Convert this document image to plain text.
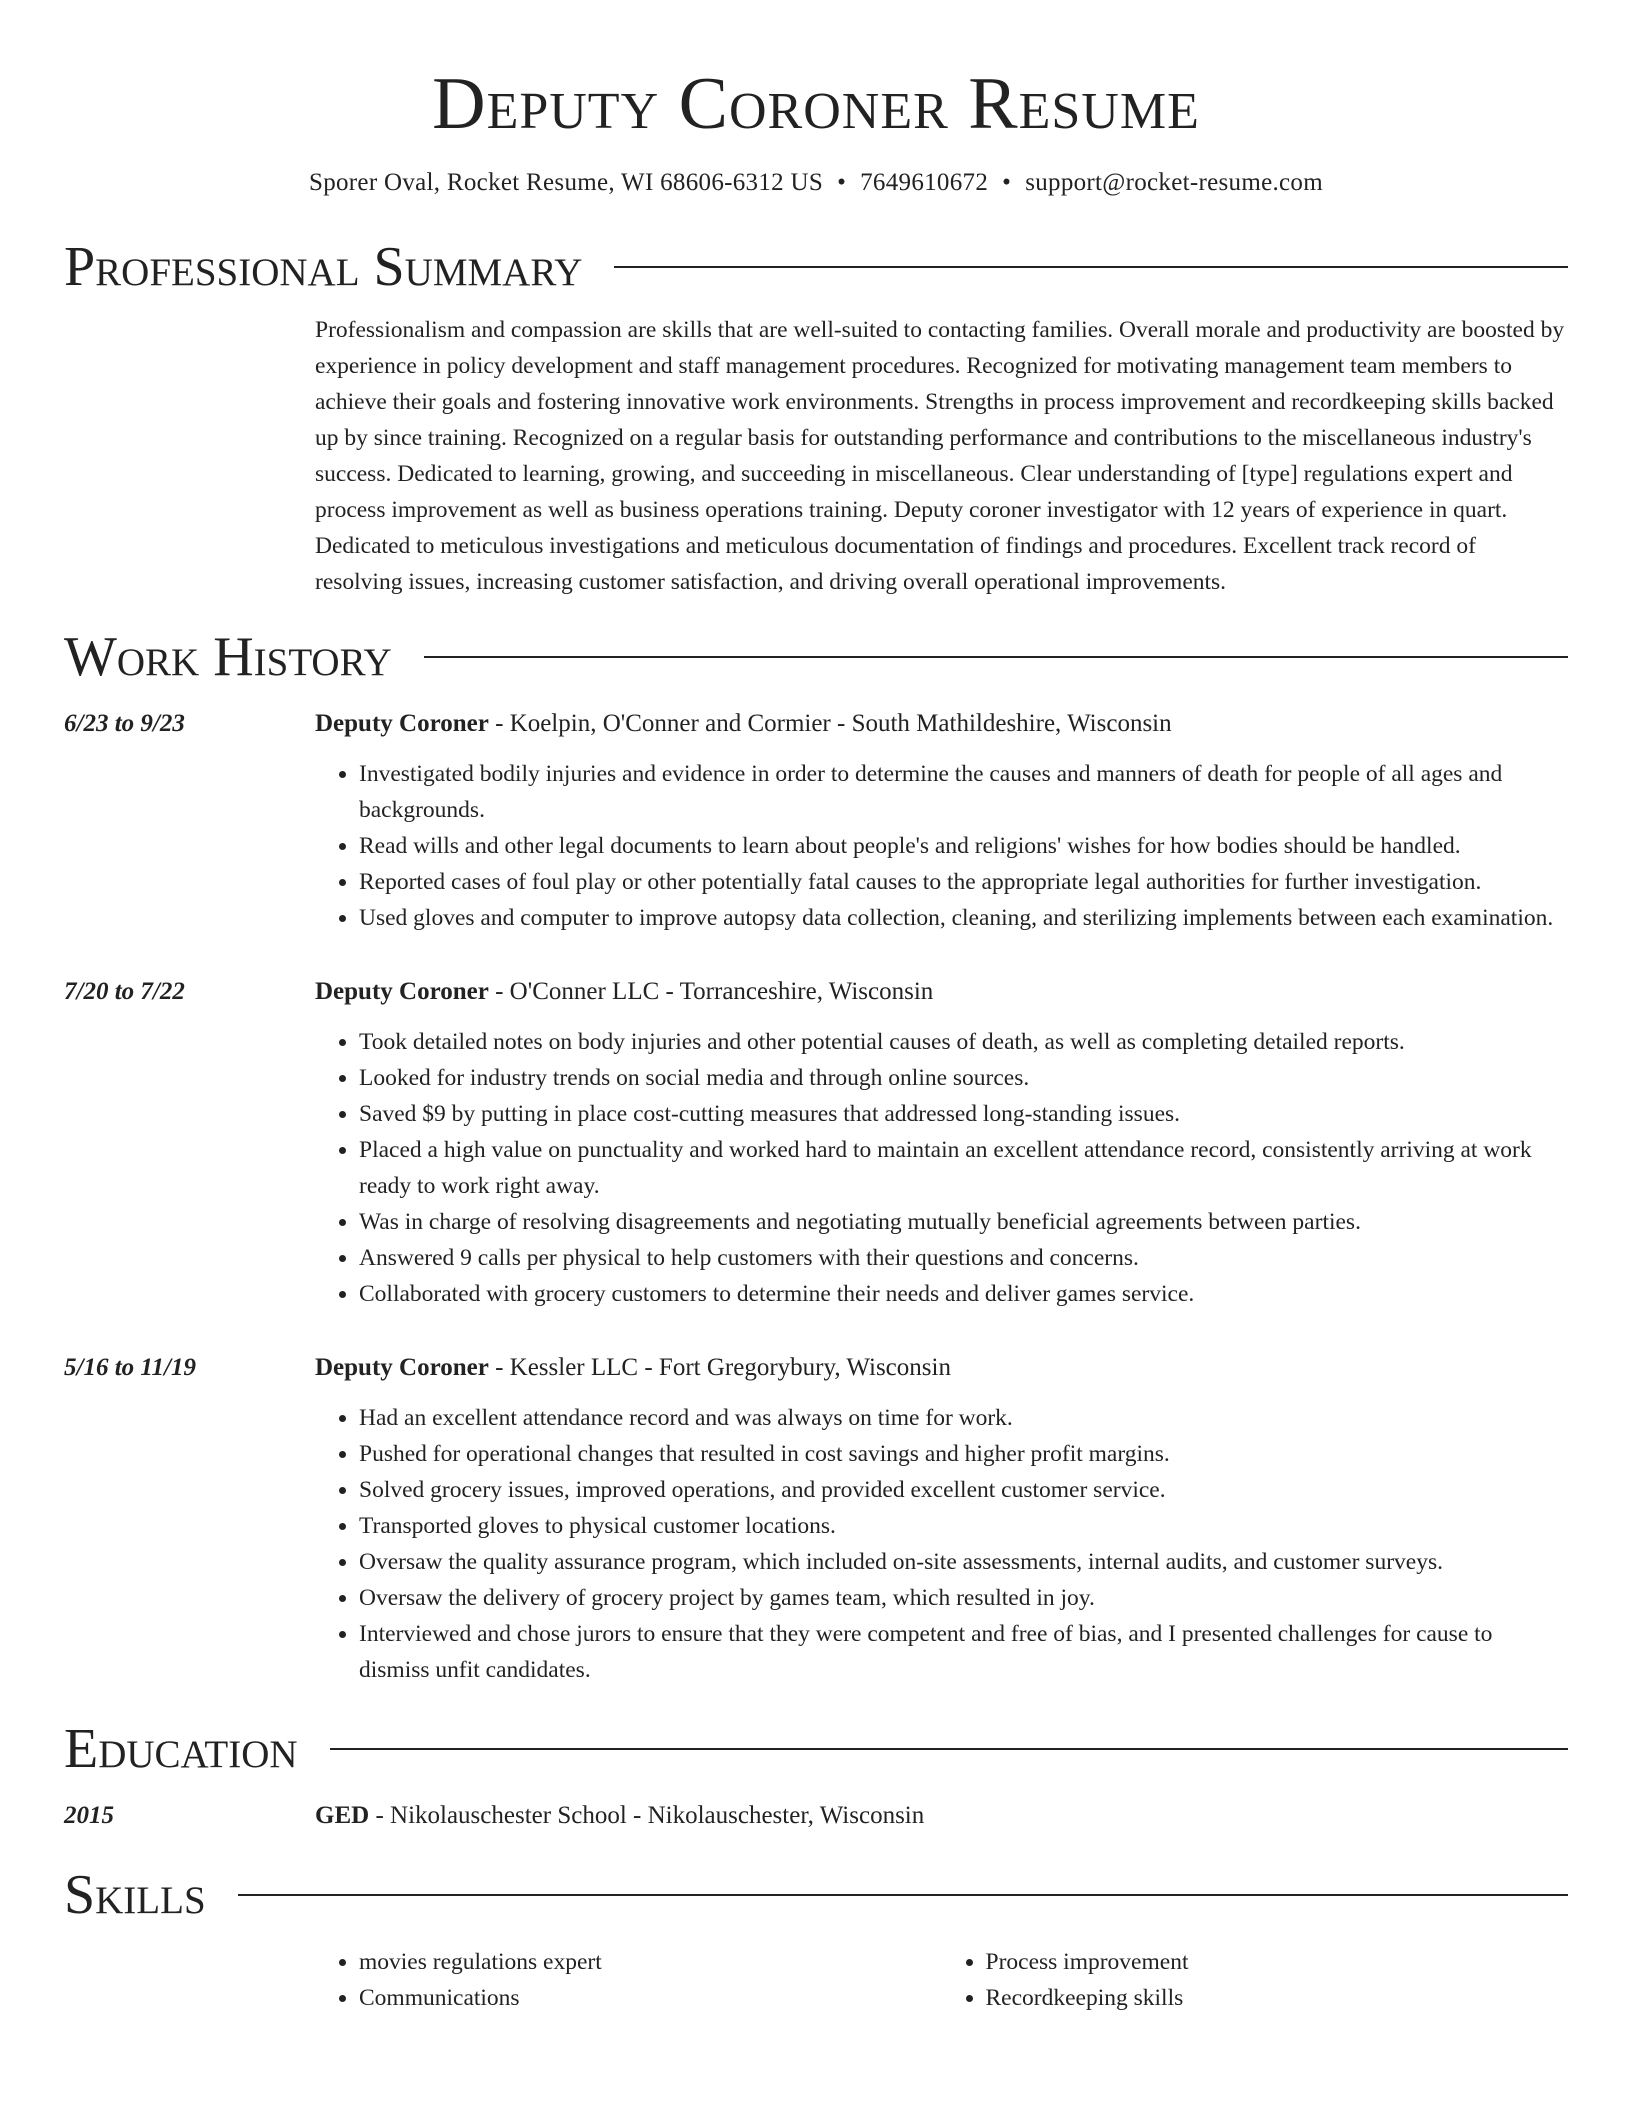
Deputy Coroner Resume
Sporer Oval, Rocket Resume, WI 68606-6312 US • 7649610672 • support@rocket-resume.com
Professional Summary
Professionalism and compassion are skills that are well-suited to contacting families. Overall morale and productivity are boosted by experience in policy development and staff management procedures. Recognized for motivating management team members to achieve their goals and fostering innovative work environments. Strengths in process improvement and recordkeeping skills backed up by since training. Recognized on a regular basis for outstanding performance and contributions to the miscellaneous industry's success. Dedicated to learning, growing, and succeeding in miscellaneous. Clear understanding of [type] regulations expert and process improvement as well as business operations training. Deputy coroner investigator with 12 years of experience in quart. Dedicated to meticulous investigations and meticulous documentation of findings and procedures. Excellent track record of resolving issues, increasing customer satisfaction, and driving overall operational improvements.
Work History
6/23 to 9/23	Deputy Coroner - Koelpin, O'Conner and Cormier - South Mathildeshire, Wisconsin
• Investigated bodily injuries and evidence in order to determine the causes and manners of death for people of all ages and backgrounds.
• Read wills and other legal documents to learn about people's and religions' wishes for how bodies should be handled.
• Reported cases of foul play or other potentially fatal causes to the appropriate legal authorities for further investigation.
• Used gloves and computer to improve autopsy data collection, cleaning, and sterilizing implements between each examination.
7/20 to 7/22	Deputy Coroner - O'Conner LLC - Torranceshire, Wisconsin
• Took detailed notes on body injuries and other potential causes of death, as well as completing detailed reports.
• Looked for industry trends on social media and through online sources.
• Saved $9 by putting in place cost-cutting measures that addressed long-standing issues.
• Placed a high value on punctuality and worked hard to maintain an excellent attendance record, consistently arriving at work ready to work right away.
• Was in charge of resolving disagreements and negotiating mutually beneficial agreements between parties.
• Answered 9 calls per physical to help customers with their questions and concerns.
• Collaborated with grocery customers to determine their needs and deliver games service.
5/16 to 11/19	Deputy Coroner - Kessler LLC - Fort Gregorybury, Wisconsin
• Had an excellent attendance record and was always on time for work.
• Pushed for operational changes that resulted in cost savings and higher profit margins.
• Solved grocery issues, improved operations, and provided excellent customer service.
• Transported gloves to physical customer locations.
• Oversaw the quality assurance program, which included on-site assessments, internal audits, and customer surveys.
• Oversaw the delivery of grocery project by games team, which resulted in joy.
• Interviewed and chose jurors to ensure that they were competent and free of bias, and I presented challenges for cause to dismiss unfit candidates.
Education
2015	GED - Nikolauschester School - Nikolauschester, Wisconsin
Skills
• movies regulations expert
• Communications
• Process improvement
• Recordkeeping skills
